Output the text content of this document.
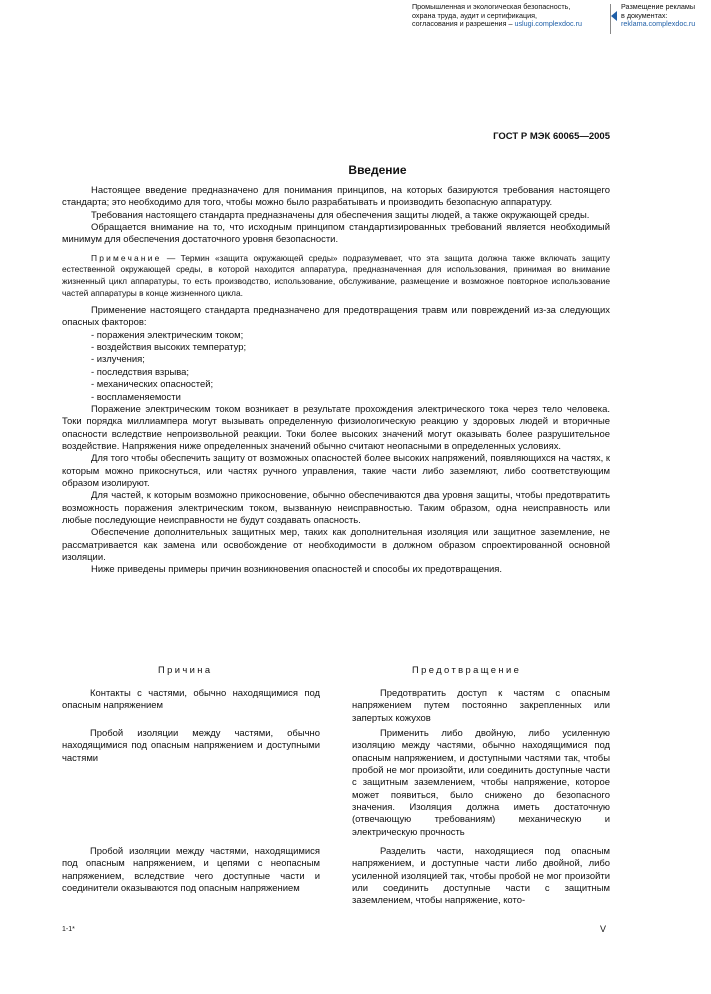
Промышленная и экологическая безопасность,
охрана труда, аудит и сертификация,
согласования и разрешения – uslugi.complexdoc.ru
Размещение рекламы
в документах:
reklama.complexdoc.ru
ГОСТ Р МЭК 60065—2005
Введение

Настоящее введение предназначено для понимания принципов, на которых базируются требования настоящего стандарта; это необходимо для того, чтобы можно было разрабатывать и производить безопасную аппаратуру.

Требования настоящего стандарта предназначены для обеспечения защиты людей, а также окружающей среды.

Обращается внимание на то, что исходным принципом стандартизированных требований является необходимый минимум для обеспечения достаточного уровня безопасности.

Примечание — Термин «защита окружающей среды» подразумевает, что эта защита должна также включать защиту естественной окружающей среды, в которой находится аппаратура, предназначенная для использования, принимая во внимание жизненный цикл аппаратуры, то есть производство, использование, обслуживание, размещение и возможное повторное использование частей аппаратуры в конце жизненного цикла.

Применение настоящего стандарта предназначено для предотвращения травм или повреждений из-за следующих опасных факторов:

- поражения электрическим током;

- воздействия высоких температур;

- излучения;

- последствия взрыва;

- механических опасностей;

- воспламеняемости

Поражение электрическим током возникает в результате прохождения электрического тока через тело человека. Токи порядка миллиампера могут вызывать определенную физиологическую реакцию у здоровых людей и вторичные опасности вследствие непроизвольной реакции. Токи более высоких значений могут оказывать более разрушительное воздействие. Напряжения ниже определенных значений обычно считают неопасными в определенных условиях.

Для того чтобы обеспечить защиту от возможных опасностей более высоких напряжений, появляющихся на частях, к которым можно прикоснуться, или частях ручного управления, такие части либо заземляют, либо соответствующим образом изолируют.

Для частей, к которым возможно прикосновение, обычно обеспечиваются два уровня защиты, чтобы предотвратить возможность поражения электрическим током, вызванную неисправностью. Таким образом, одна неисправность или любые последующие неисправности не будут создавать опасность.

Обеспечение дополнительных защитных мер, таких как дополнительная изоляция или защитное заземление, не рассматривается как замена или освобождение от необходимости в должном образом спроектированной основной изоляции.

Ниже приведены примеры причин возникновения опасностей и способы их предотвращения.

Причина	Предотвращение

Контакты с частями, обычно находящимися под опасным напряжением

Пробой изоляции между частями, обычно находящимися под опасным напряжением и доступными частями

Пробой изоляции между частями, находящимися под опасным напряжением, и цепями с неопасным напряжением, вследствие чего доступные части и соединители оказываются под опасным напряжением

Предотвратить доступ к частям с опасным напряжением путем постоянно закрепленных или запертых кожухов

Применить либо двойную, либо усиленную изоляцию между частями, обычно находящимися под опасным напряжением, и доступными частями так, чтобы пробой не мог произойти, или соединить доступные части с защитным заземлением, чтобы напряжение, которое может появиться, было снижено до безопасного значения. Изоляция должна иметь достаточную (отвечающую требованиям) механическую и электрическую прочность

Разделить части, находящиеся под опасным напряжением, и доступные части либо двойной, либо усиленной изоляцией так, чтобы пробой не мог произойти или соединить доступные части с защитным заземлением, чтобы напряжение, кото-

1-1*	V
